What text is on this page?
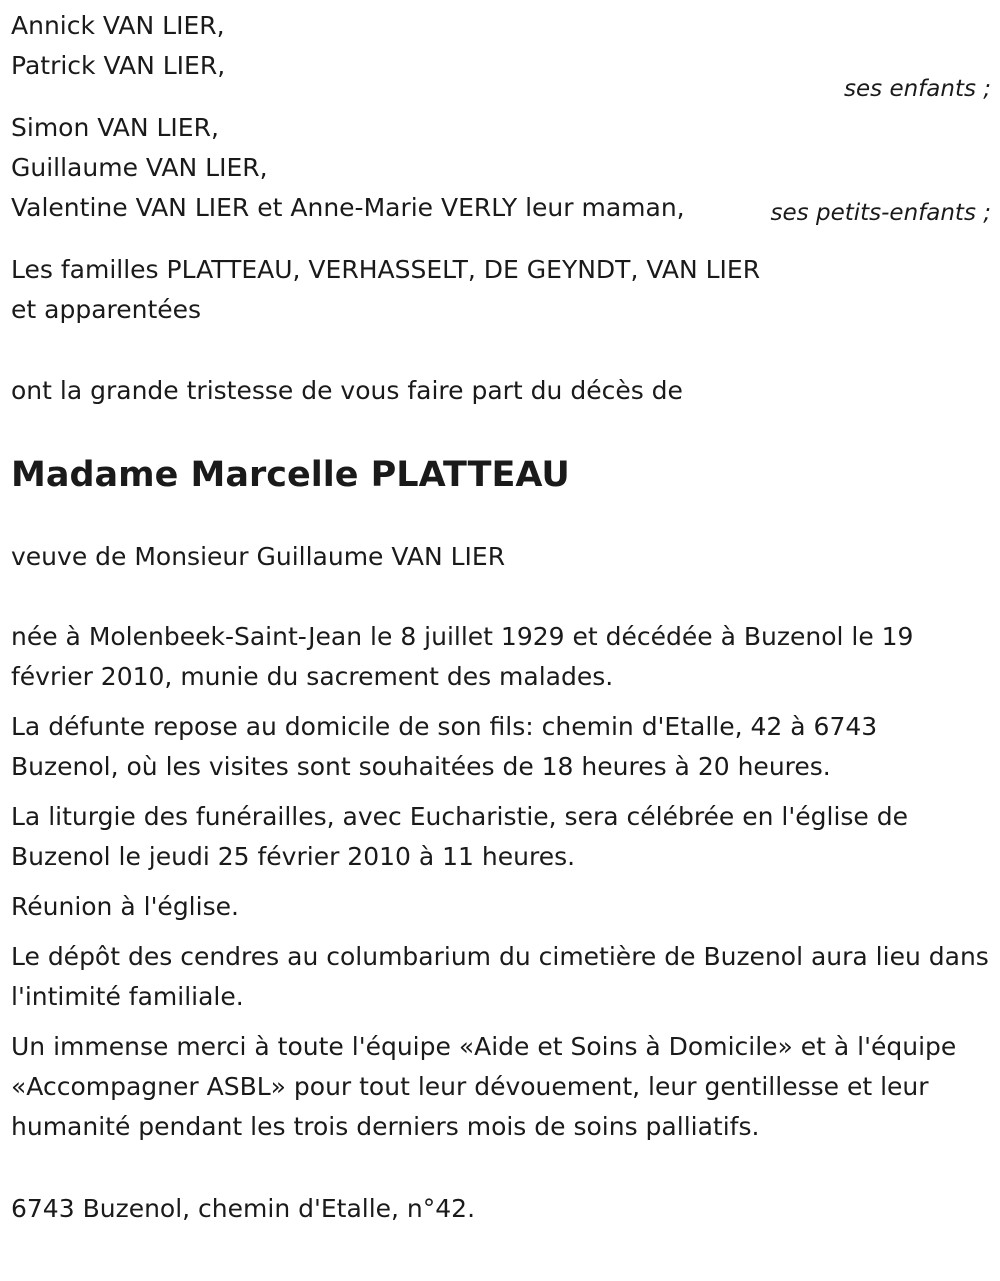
Annick VAN LIER,
Patrick VAN LIER,
ses enfants ;
Simon VAN LIER,
Guillaume VAN LIER,
Valentine VAN LIER et Anne-Marie VERLY leur maman,	ses petits-enfants ;
Les familles PLATTEAU, VERHASSELT, DE GEYNDT, VAN LIER
et apparentées
ont la grande tristesse de vous faire part du décès de
Madame Marcelle PLATTEAU
veuve de Monsieur Guillaume VAN LIER

née à Molenbeek-Saint-Jean le 8 juillet 1929 et décédée à Buzenol le 19 février 2010, munie du sacrement des malades.

La défunte repose au domicile de son fils: chemin d'Etalle, 42 à 6743 Buzenol, où les visites sont souhaitées de 18 heures à 20 heures.

La liturgie des funérailles, avec Eucharistie, sera célébrée en l'église de Buzenol le jeudi 25 février 2010 à 11 heures.

Réunion à l'église.

Le dépôt des cendres au columbarium du cimetière de Buzenol aura lieu dans l'intimité familiale.

Un immense merci à toute l'équipe «Aide et Soins à Domicile» et à l'équipe «Accompagner ASBL» pour tout leur dévouement, leur gentillesse et leur humanité pendant les trois derniers mois de soins palliatifs.

6743 Buzenol, chemin d'Etalle, n°42.
